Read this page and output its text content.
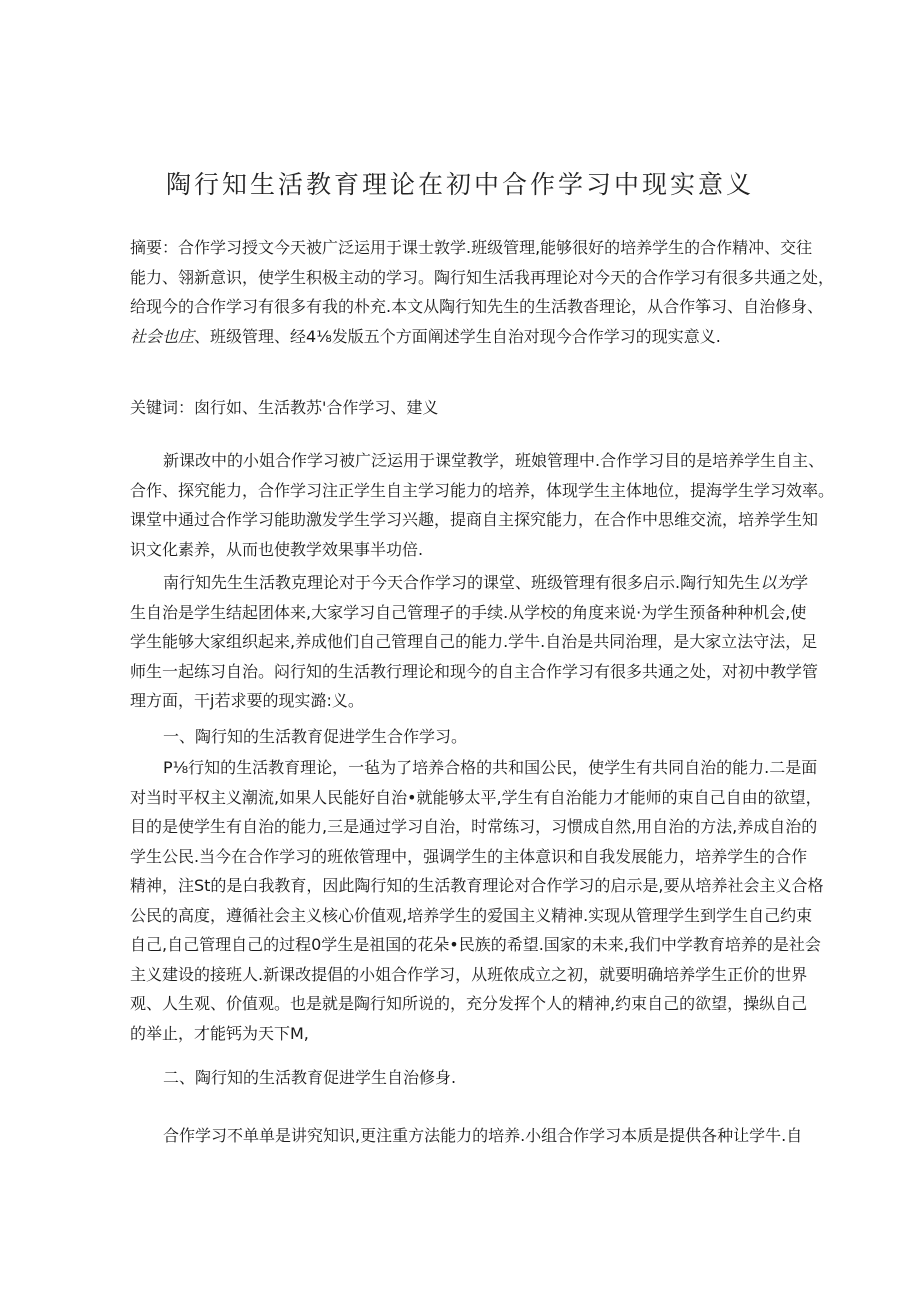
陶行知生活教育理论在初中合作学习中现实意义
摘要：合作学习授文今天被广泛运用于课士敦学.班级管理,能够很好的培养学生的合作精冲、交往
能力、翎新意识，使学生积极主动的学习。陶行知生活我再理论对今天的合作学习有很多共通之处，
给现今的合作学习有很多有我的朴充.本文从陶行知先生的生活教沓理论，从合作筝习、自治修身、
社会也庄、班级管理、经4⅛发版五个方面阐述学生自治对现今合作学习的现实意义.
关键词：囱行如、生活教苏'合作学习、建义
新课改中的小姐合作学习被广泛运用于课堂教学，班娘管理中.合作学习目的是培养学生自主、
合作、探究能力，合作学习注正学生自主学习能力的培养，体现学生主体地位，提海学生学习效率。
课堂中通过合作学习能助激发学生学习兴趣，提商自主探究能力，在合作中思维交流，培养学生知
识文化素养，从而也使教学效果事半功倍.
南行知先生生活教克理论对于今天合作学习的课堂、班级管理有很多启示.陶行知先生以为学
生自治是学生结起团体来,大家学习自己管理孑的手续.从学校的角度来说·为学生预备种种机会,使
学生能够大家组织起来,养成他们自己管理自己的能力.学牛.自治是共同治理，是大家立法守法，足
师生一起练习自治。闷行知的生活教行理论和现今的自主合作学习有很多共通之处，对初中教学管
理方面，干j若求要的现实潞:义。
一、陶行知的生活教育促进学生合作学习。
P⅛行知的生活教育理论，一毡为了培养合格的共和国公民，使学生有共同自治的能力.二是面
对当时平权主义潮流,如果人民能好自治•就能够太平,学生有自治能力才能师的束自己自由的欲望，
目的是使学生有自治的能力,三是通过学习自治，时常练习，习惯成自然,用自治的方法,养成自治的
学生公民.当今在合作学习的班侬管理中，强调学生的主体意识和自我发展能力，培养学生的合作
精神，注St的是白我教育，因此陶行知的生活教育理论对合作学习的启示是,要从培养社会主义合格
公民的高度，遵循社会主义核心价值观,培养学生的爱国主义精神.实现从管理学生到学生自己约束
自己,自己管理自己的过程0学生是祖国的花朵•民族的希望.国家的未来,我们中学教育培养的是社会
主义建设的接班人.新课改提倡的小姐合作学习，从班侬成立之初，就要明确培养学生正价的世界
观、人生观、价值观。也是就是陶行知所说的，充分发挥个人的精神,约束自己的欲望，操纵自己
的举止，才能钙为天下M,
二、陶行知的生活教育促进学生自治修身.
合作学习不单单是讲究知识,更注重方法能力的培养.小组合作学习本质是提供各种让学牛.自
